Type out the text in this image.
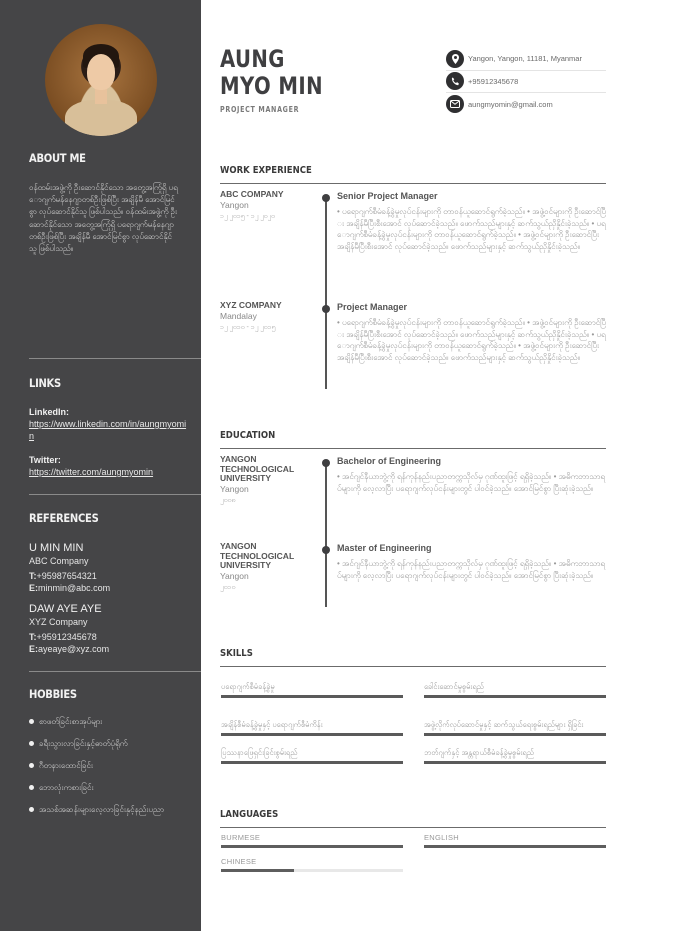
ABOUT ME

ဝန်ထမ်းအဖွဲ့ကို ဦးဆောင်နိုင်သော အတွေ့အကြုံရှိ ပရောဂျက်မန်နေဂျာတစ်ဦးဖြစ်ပြီး အချိန်မီ အောင်မြင်စွာ လုပ်ဆောင်နိုင်သူ ဖြစ်ပါသည်။ ဝန်ထမ်းအဖွဲ့ကို ဦးဆောင်နိုင်သော အတွေ့အကြုံရှိ ပရောဂျက်မန်နေဂျာတစ်ဦးဖြစ်ပြီး အချိန်မီ အောင်မြင်စွာ လုပ်ဆောင်နိုင်သူ ဖြစ်ပါသည်။

LINKS
LinkedIn:
https://www.linkedin.com/in/aungmyomin
Twitter:
https://twitter.com/aungmyomin
REFERENCES
U MIN MIN
ABC Company
T:+95987654321
E:minmin@abc.com
DAW AYE AYE
XYZ Company
T:+95912345678
E:ayeaye@xyz.com
HOBBIES
စာဖတ်ခြင်းစာအုပ်များ
ခရီးသွားလာခြင်းနှင့်ဓာတ်ပုံရိုက်
ဂီတနားထောင်ခြင်း
ဘောလုံးကစားခြင်း
အသစ်အဆန်းများလေ့လာခြင်းနှင့်နည်းပညာ
AUNG
MYO MIN
PROJECT MANAGER
Yangon, Yangon, 11181, Myanmar
+95912345678
aungmyomin@gmail.com
WORK EXPERIENCE
ABC COMPANY
Yangon
၁၂ ၂၀၁၅ - ၁၂ ၂၀၂၀
Senior Project Manager
• ပရောဂျက်စီမံခန့်ခွဲမှုလုပ်ငန်းများကို တာဝန်ယူဆောင်ရွက်ခဲ့သည်။ • အဖွဲ့ဝင်များကို ဦးဆောင်ပြီး အချိန်မီပြီးစီးအောင် လုပ်ဆောင်ခဲ့သည်။ ဖောက်သည်များနှင့် ဆက်သွယ်ညှိနှိုင်းခဲ့သည်။ • ပရောဂျက်စီမံခန့်ခွဲမှုလုပ်ငန်းများကို တာဝန်ယူဆောင်ရွက်ခဲ့သည်။ • အဖွဲ့ဝင်များကို ဦးဆောင်ပြီး အချိန်မီပြီးစီးအောင် လုပ်ဆောင်ခဲ့သည်။ ဖောက်သည်များနှင့် ဆက်သွယ်ညှိနှိုင်းခဲ့သည်။
XYZ COMPANY
Mandalay
၁၂ ၂၀၁၀ - ၁၂ ၂၀၁၅
Project Manager
• ပရောဂျက်စီမံခန့်ခွဲမှုလုပ်ငန်းများကို တာဝန်ယူဆောင်ရွက်ခဲ့သည်။ • အဖွဲ့ဝင်များကို ဦးဆောင်ပြီး အချိန်မီပြီးစီးအောင် လုပ်ဆောင်ခဲ့သည်။ ဖောက်သည်များနှင့် ဆက်သွယ်ညှိနှိုင်းခဲ့သည်။ • ပရောဂျက်စီမံခန့်ခွဲမှုလုပ်ငန်းများကို တာဝန်ယူဆောင်ရွက်ခဲ့သည်။ • အဖွဲ့ဝင်များကို ဦးဆောင်ပြီး အချိန်မီပြီးစီးအောင် လုပ်ဆောင်ခဲ့သည်။ ဖောက်သည်များနှင့် ဆက်သွယ်ညှိနှိုင်းခဲ့သည်။
EDUCATION
YANGON TECHNOLOGICAL UNIVERSITY
Yangon
၂၀၀၈
Bachelor of Engineering
• အင်ဂျင်နီယာဘွဲ့ကို ရန်ကုန်နည်းပညာတက္ကသိုလ်မှ ဂုဏ်ထူးဖြင့် ရရှိခဲ့သည်။ • အဓိကဘာသာရပ်များကို လေ့လာပြီး ပရောဂျက်လုပ်ငန်းများတွင် ပါဝင်ခဲ့သည်။ အောင်မြင်စွာ ပြီးဆုံးခဲ့သည်။
YANGON TECHNOLOGICAL UNIVERSITY
Yangon
၂၀၁၀
Master of Engineering
• အင်ဂျင်နီယာဘွဲ့ကို ရန်ကုန်နည်းပညာတက္ကသိုလ်မှ ဂုဏ်ထူးဖြင့် ရရှိခဲ့သည်။ • အဓိကဘာသာရပ်များကို လေ့လာပြီး ပရောဂျက်လုပ်ငန်းများတွင် ပါဝင်ခဲ့သည်။ အောင်မြင်စွာ ပြီးဆုံးခဲ့သည်။
SKILLS
ပရောဂျက်စီမံခန့်ခွဲမှု	ခေါင်းဆောင်မှုစွမ်းရည်
အချိန်စီမံခန့်ခွဲမှုနှင့် ပရောဂျက်စီမံကိန်း	အဖွဲ့လိုက်လုပ်ဆောင်မှုနှင့် ဆက်သွယ်ရေးစွမ်းရည်များ ရှိခြင်း
ပြဿနာဖြေရှင်းခြင်းစွမ်းရည်	ဘတ်ဂျက်နှင့် အန္တရာယ်စီမံခန့်ခွဲမှုစွမ်းရည်
LANGUAGES
BURMESE	ENGLISH
CHINESE
